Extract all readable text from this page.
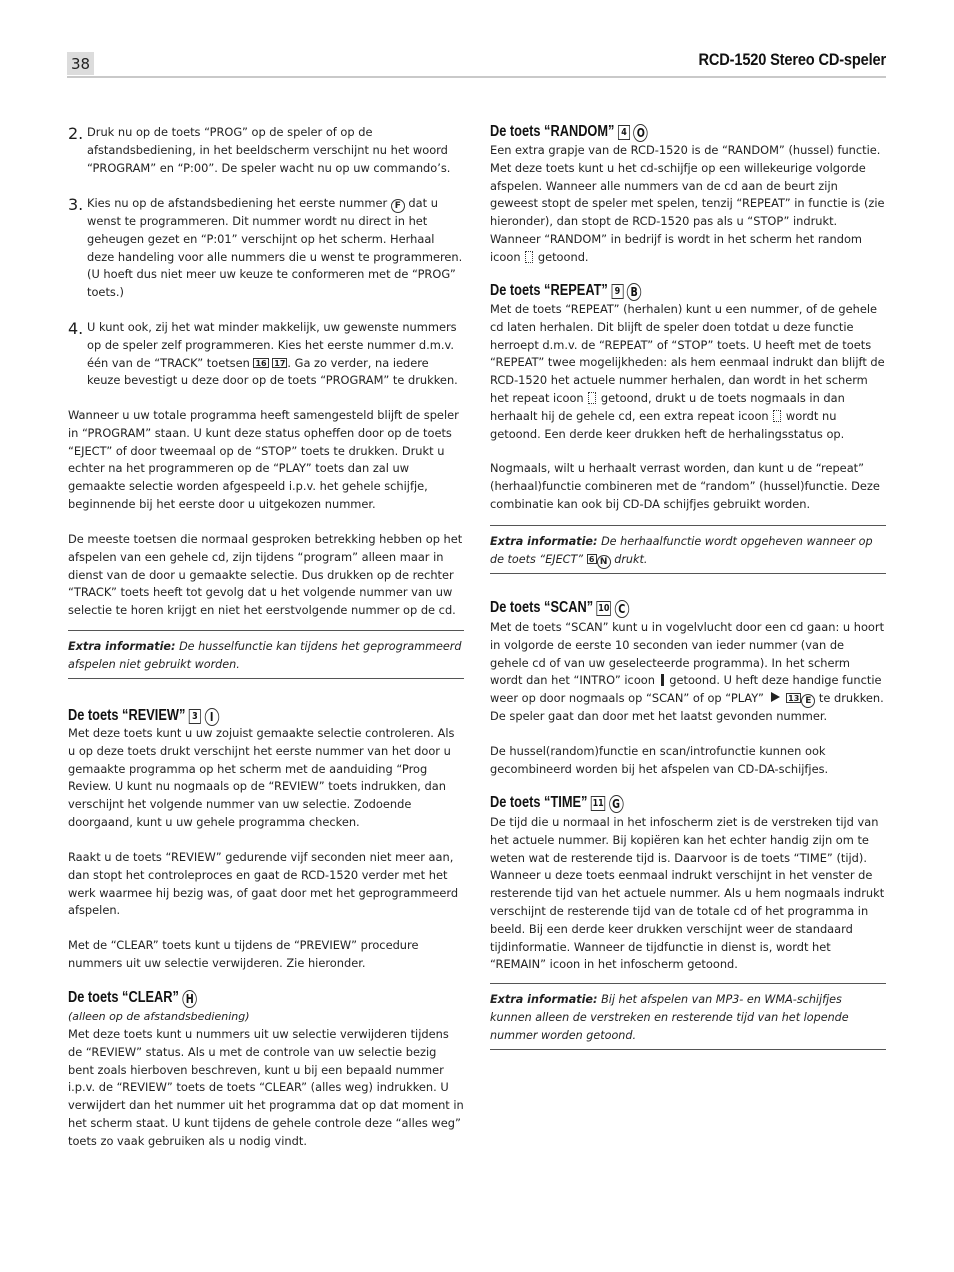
38	RCD-1520 Stereo CD-speler
2. Druk nu op de toets “PROG” op de speler of op de afstandsbediening, in het beeldscherm verschijnt nu het woord “PROGRAM” en “P:00”. De speler wacht nu op uw commando’s.

3. Kies nu op de afstandsbediening het eerste nummer F dat u wenst te programmeren. Dit nummer wordt nu direct in het geheugen gezet en “P:01” verschijnt op het scherm. Herhaal deze handeling voor alle nummers die u wenst te programmeren. (U hoeft dus niet meer uw keuze te conformeren met de “PROG” toets.)

4. U kunt ook, zij het wat minder makkelijk, uw gewenste nummers op de speler zelf programmeren. Kies het eerste nummer d.m.v. één van de “TRACK” toetsen 16 17 . Ga zo verder, na iedere keuze bevestigt u deze door op de toets “PROGRAM” te drukken.

Wanneer u uw totale programma heeft samengesteld blijft de speler in “PROGRAM” staan. U kunt deze status opheffen door op de toets “EJECT” of door tweemaal op de “STOP” toets te drukken. Drukt u echter na het programmeren op de “PLAY” toets dan zal uw gemaakte selectie worden afgespeeld i.p.v. het gehele schijfje, beginnende bij het eerste door u uitgekozen nummer.

De meeste toetsen die normaal gesproken betrekking hebben op het afspelen van een gehele cd, zijn tijdens “program” alleen maar in dienst van de door u gemaakte selectie. Dus drukken op de rechter “TRACK” toets heeft tot gevolg dat u het volgende nummer van uw selectie te horen krijgt en niet het eerstvolgende nummer op de cd.

Extra informatie: De husselfunctie kan tijdens het geprogrammeerd afspelen niet gebruikt worden.
De toets “REVIEW” 3 I

Met deze toets kunt u uw zojuist gemaakte selectie controleren. Als u op deze toets drukt verschijnt het eerste nummer van het door u gemaakte programma op het scherm met de aanduiding “Prog Review. U kunt nu nogmaals op de “REVIEW” toets indrukken, dan verschijnt het volgende nummer van uw selectie. Zodoende doorgaand, kunt u uw gehele programma checken.

Raakt u de toets “REVIEW” gedurende vijf seconden niet meer aan, dan stopt het controleproces en gaat de RCD-1520 verder met het werk waarmee hij bezig was, of gaat door met het geprogrammeerd afspelen.

Met de “CLEAR” toets kunt u tijdens de “PREVIEW” procedure nummers uit uw selectie verwijderen. Zie hieronder.

De toets “CLEAR” H

(alleen op de afstandsbediening)

Met deze toets kunt u nummers uit uw selectie verwijderen tijdens de “REVIEW” status. Als u met de controle van uw selectie bezig bent zoals hierboven beschreven, kunt u bij een bepaald nummer i.p.v. de “REVIEW” toets de toets “CLEAR” (alles weg) indrukken. U verwijdert dan het nummer uit het programma dat op dat moment in het scherm staat. U kunt tijdens de gehele controle deze “alles weg” toets zo vaak gebruiken als u nodig vindt.

De toets “RANDOM” 4 O

Een extra grapje van de RCD-1520 is de “RANDOM” (hussel) functie. Met deze toets kunt u het cd-schijfje op een willekeurige volgorde afspelen. Wanneer alle nummers van de cd aan de beurt zijn geweest stopt de speler met spelen, tenzij “REPEAT” in functie is (zie hieronder), dan stopt de RCD-1520 pas als u “STOP” indrukt. Wanneer “RANDOM” in bedrijf is wordt in het scherm het random icoon getoond.

De toets “REPEAT” 9 B

Met de toets “REPEAT” (herhalen) kunt u een nummer, of de gehele cd laten herhalen. Dit blijft de speler doen totdat u deze functie herroept d.m.v. de “REPEAT” of “STOP” toets. U heeft met de toets “REPEAT” twee mogelijkheden: als hem eenmaal indrukt dan blijft de RCD-1520 het actuele nummer herhalen, dan wordt in het scherm het repeat icoon getoond, drukt u de toets nogmaals in dan herhaalt hij de gehele cd, een extra repeat icoon wordt nu getoond. Een derde keer drukken heft de herhalingsstatus op.

Nogmaals, wilt u herhaalt verrast worden, dan kunt u de “repeat” (herhaal)functie combineren met de “random” (hussel)functie. Deze combinatie kan ook bij CD-DA schijfjes gebruikt worden.

Extra informatie: De herhaalfunctie wordt opgeheven wanneer op de toets “EJECT” 6 N drukt.
De toets “SCAN” 10 C

Met de toets “SCAN” kunt u in vogelvlucht door een cd gaan: u hoort in volgorde de eerste 10 seconden van ieder nummer (van de gehele cd of van uw geselecteerde programma). In het scherm wordt dan het “INTRO” icoon getoond. U heft deze handige functie weer op door nogmaals op “SCAN” of op “PLAY”	13 E te drukken. De speler gaat dan door met het laatst gevonden nummer.

De hussel(random)functie en scan/introfunctie kunnen ook gecombineerd worden bij het afspelen van CD-DA-schijfjes.

De toets “TIME” 11 G

De tijd die u normaal in het infoscherm ziet is de verstreken tijd van het actuele nummer. Bij kopiëren kan het echter handig zijn om te weten wat de resterende tijd is. Daarvoor is de toets “TIME” (tijd). Wanneer u deze toets eenmaal indrukt verschijnt in het venster de resterende tijd van het actuele nummer. Als u hem nogmaals indrukt verschijnt de resterende tijd van de totale cd of het programma in beeld. Bij een derde keer drukken verschijnt weer de standaard tijdinformatie. Wanneer de tijdfunctie in dienst is, wordt het “REMAIN” icoon in het infoscherm getoond.

Extra informatie: Bij het afspelen van MP3- en WMA-schijfjes kunnen alleen de verstreken en resterende tijd van het lopende nummer worden getoond.
